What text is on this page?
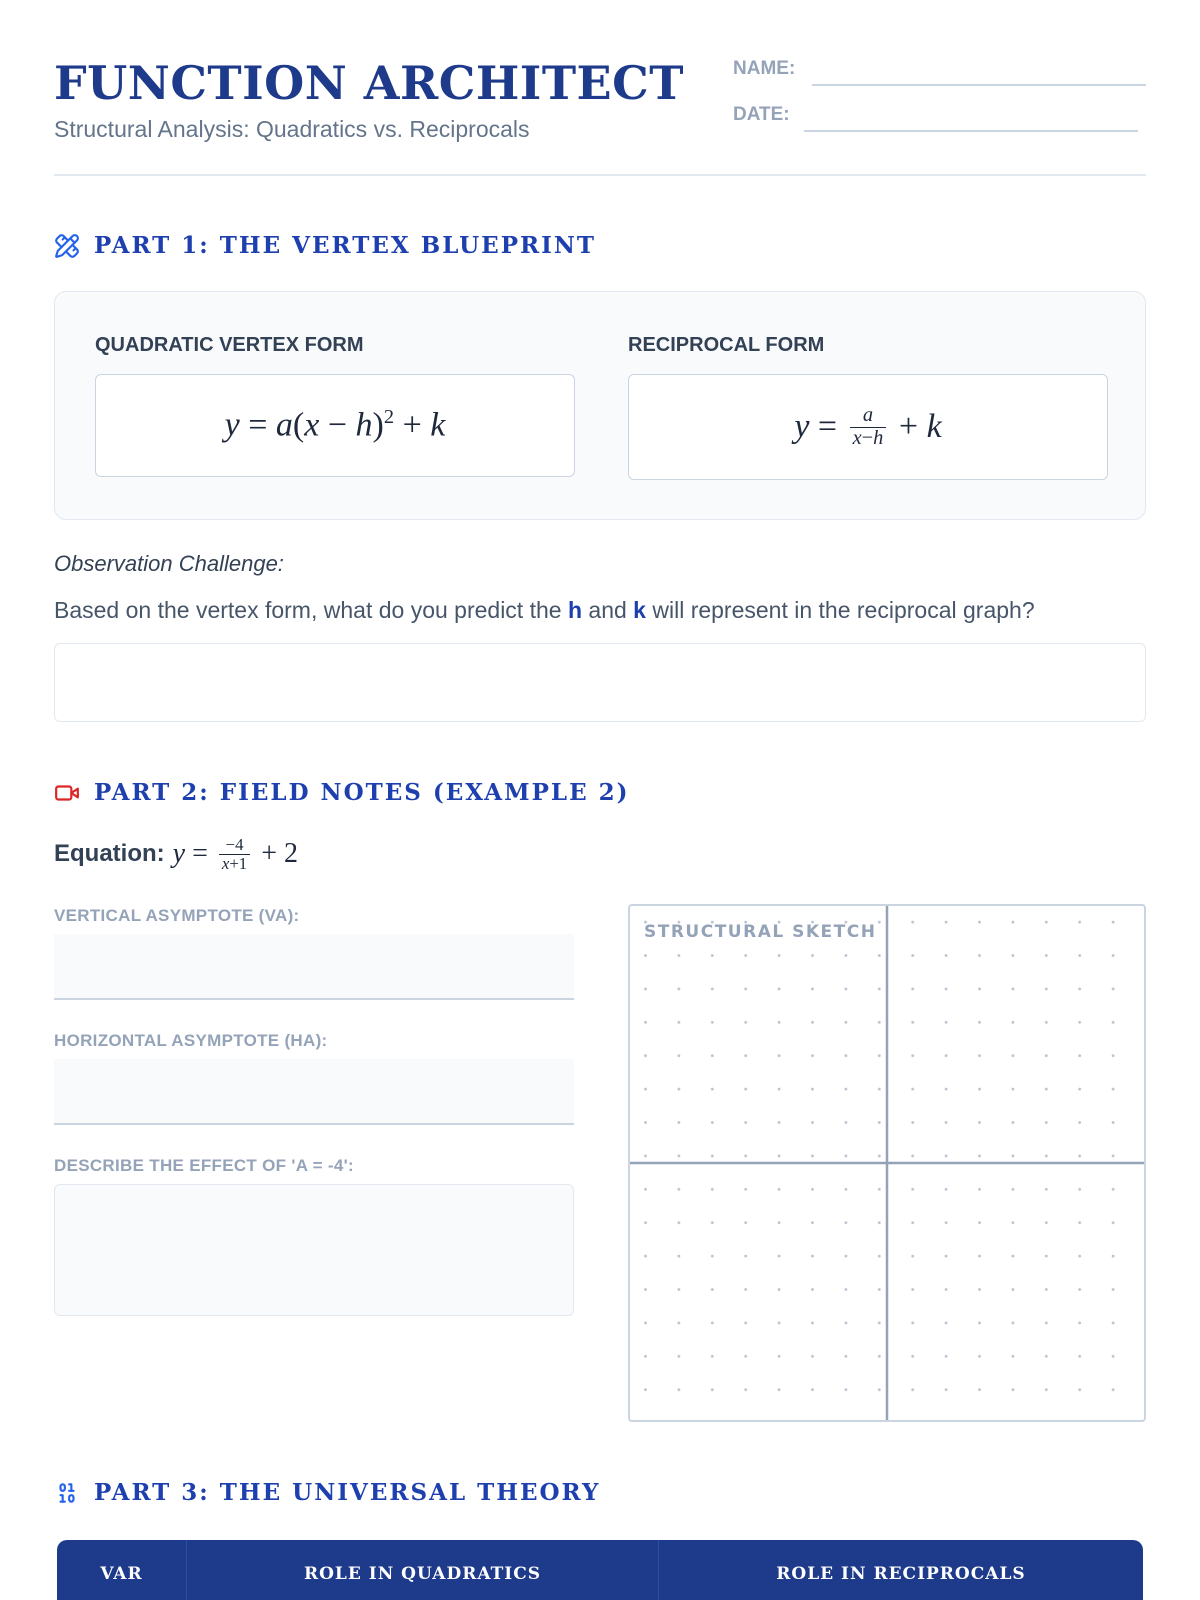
FUNCTION ARCHITECT
Structural Analysis: Quadratics vs. Reciprocals
NAME:
DATE:
PART 1: THE VERTEX BLUEPRINT
QUADRATIC VERTEX FORM
$y = a(x - h)^2 + k$
RECIPROCAL FORM
y =
$\frac{a}{x-h}$
+ k
Observation Challenge:
Based on the vertex form, what do you predict the h and k will represent in the reciprocal graph?
PART 2: FIELD NOTES (EXAMPLE 2)
Equation: y =
$\frac{-4}{x+1}$
+ 2
VERTICAL ASYMPTOTE (VA):
HORIZONTAL ASYMPTOTE (HA):
DESCRIBE THE EFFECT OF 'A = -4':
STRUCTURAL SKETCH
PART 3: THE UNIVERSAL THEORY
VAR	ROLE IN QUADRATICS	ROLE IN RECIPROCALS
